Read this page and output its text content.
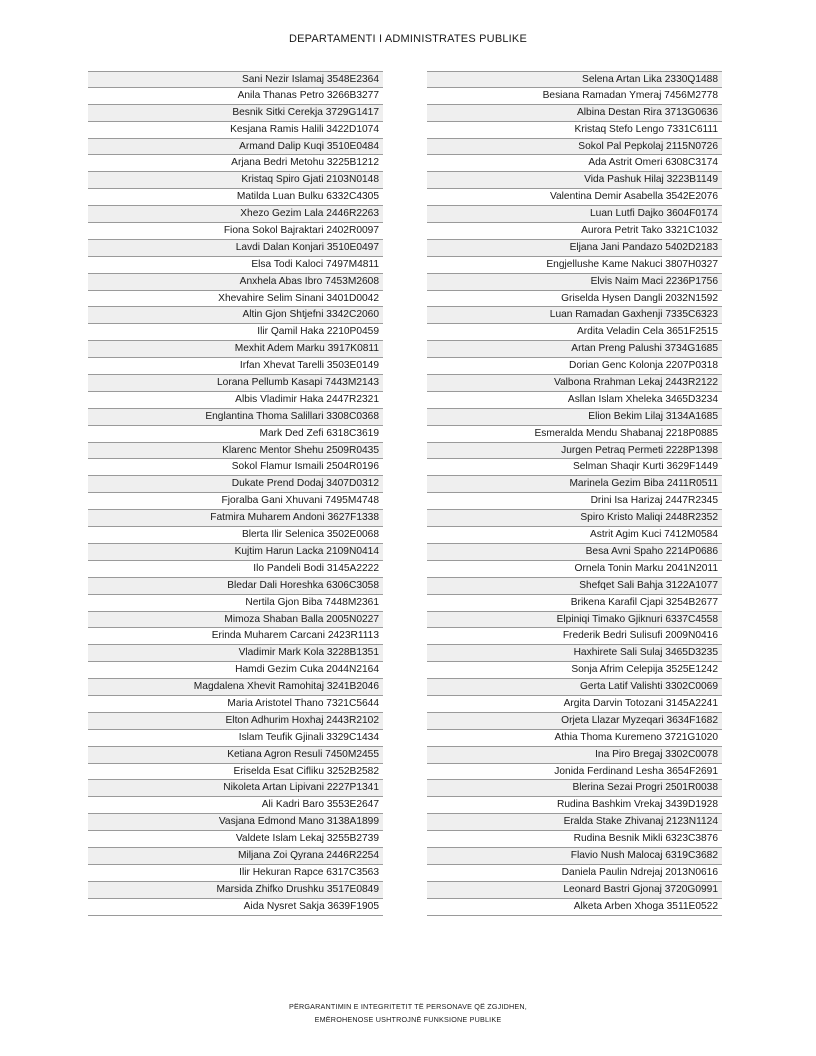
DEPARTAMENTI I ADMINISTRATES PUBLIKE
Sani Nezir Islamaj 3548E2364
Anila Thanas Petro 3266B3277
Besnik Sitki Cerekja 3729G1417
Kesjana Ramis Halili 3422D1074
Armand Dalip Kuqi 3510E0484
Arjana Bedri Metohu 3225B1212
Kristaq Spiro Gjati 2103N0148
Matilda Luan Bulku 6332C4305
Xhezo Gezim Lala 2446R2263
Fiona Sokol Bajraktari 2402R0097
Lavdi Dalan Konjari 3510E0497
Elsa Todi Kaloci 7497M4811
Anxhela Abas Ibro 7453M2608
Xhevahire Selim Sinani 3401D0042
Altin Gjon Shtjefni 3342C2060
Ilir Qamil Haka 2210P0459
Mexhit Adem Marku 3917K0811
Irfan Xhevat Tarelli 3503E0149
Lorana Pellumb Kasapi 7443M2143
Albis Vladimir Haka 2447R2321
Englantina Thoma Salillari 3308C0368
Mark Ded Zefi 6318C3619
Klarenc Mentor Shehu 2509R0435
Sokol Flamur Ismaili 2504R0196
Dukate Prend Dodaj 3407D0312
Fjoralba Gani Xhuvani 7495M4748
Fatmira Muharem Andoni 3627F1338
Blerta Ilir Selenica 3502E0068
Kujtim Harun Lacka 2109N0414
Ilo Pandeli Bodi 3145A2222
Bledar Dali Horeshka 6306C3058
Nertila Gjon Biba 7448M2361
Mimoza Shaban Balla 2005N0227
Erinda Muharem Carcani 2423R1113
Vladimir Mark Kola 3228B1351
Hamdi Gezim Cuka 2044N2164
Magdalena Xhevit Ramohitaj 3241B2046
Maria Aristotel Thano 7321C5644
Elton Adhurim Hoxhaj 2443R2102
Islam Teufik Gjinali 3329C1434
Ketiana Agron Resuli 7450M2455
Eriselda Esat Cifliku 3252B2582
Nikoleta Artan Lipivani 2227P1341
Ali Kadri Baro 3553E2647
Vasjana Edmond Mano 3138A1899
Valdete Islam Lekaj 3255B2739
Miljana Zoi Qyrana 2446R2254
Ilir Hekuran Rapce 6317C3563
Marsida Zhifko Drushku 3517E0849
Aida Nysret Sakja 3639F1905
Selena Artan Lika 2330Q1488
Besiana Ramadan Ymeraj 7456M2778
Albina Destan Rira 3713G0636
Kristaq Stefo Lengo 7331C6111
Sokol Pal Pepkolaj 2115N0726
Ada Astrit Omeri 6308C3174
Vida Pashuk Hilaj 3223B1149
Valentina Demir Asabella 3542E2076
Luan Lutfi Dajko 3604F0174
Aurora Petrit Tako 3321C1032
Eljana Jani Pandazo 5402D2183
Engjellushe Kame Nakuci 3807H0327
Elvis Naim Maci 2236P1756
Griselda Hysen Dangli 2032N1592
Luan Ramadan Gaxhenji 7335C6323
Ardita Veladin Cela 3651F2515
Artan Preng Palushi 3734G1685
Dorian Genc Kolonja 2207P0318
Valbona Rrahman Lekaj 2443R2122
Asllan Islam Xheleka 3465D3234
Elion Bekim Lilaj 3134A1685
Esmeralda Mendu Shabanaj 2218P0885
Jurgen Petraq Permeti 2228P1398
Selman Shaqir Kurti 3629F1449
Marinela Gezim Biba 2411R0511
Drini Isa Harizaj 2447R2345
Spiro Kristo Maliqi 2448R2352
Astrit Agim Kuci 7412M0584
Besa Avni Spaho 2214P0686
Ornela Tonin Marku 2041N2011
Shefqet Sali Bahja 3122A1077
Brikena Karafil Cjapi 3254B2677
Elpiniqi Timako Gjiknuri 6337C4558
Frederik Bedri Sulisufi 2009N0416
Haxhirete Sali Sulaj 3465D3235
Sonja Afrim Celepija 3525E1242
Gerta Latif Valishti 3302C0069
Argita Darvin Totozani 3145A2241
Orjeta Llazar Myzeqari 3634F1682
Athia Thoma Kuremeno 3721G1020
Ina Piro Bregaj 3302C0078
Jonida Ferdinand Lesha 3654F2691
Blerina Sezai Progri 2501R0038
Rudina Bashkim Vrekaj 3439D1928
Eralda Stake Zhivanaj 2123N1124
Rudina Besnik Mikli 6323C3876
Flavio Nush Malocaj 6319C3682
Daniela Paulin Ndrejaj 2013N0616
Leonard Bastri Gjonaj 3720G0991
Alketa Arben Xhoga 3511E0522
PËRGARANTIMIN E INTEGRITETIT TË PERSONAVE QË ZGJIDHEN,
EMËROHENOSE USHTROJNË FUNKSIONE PUBLIKE
